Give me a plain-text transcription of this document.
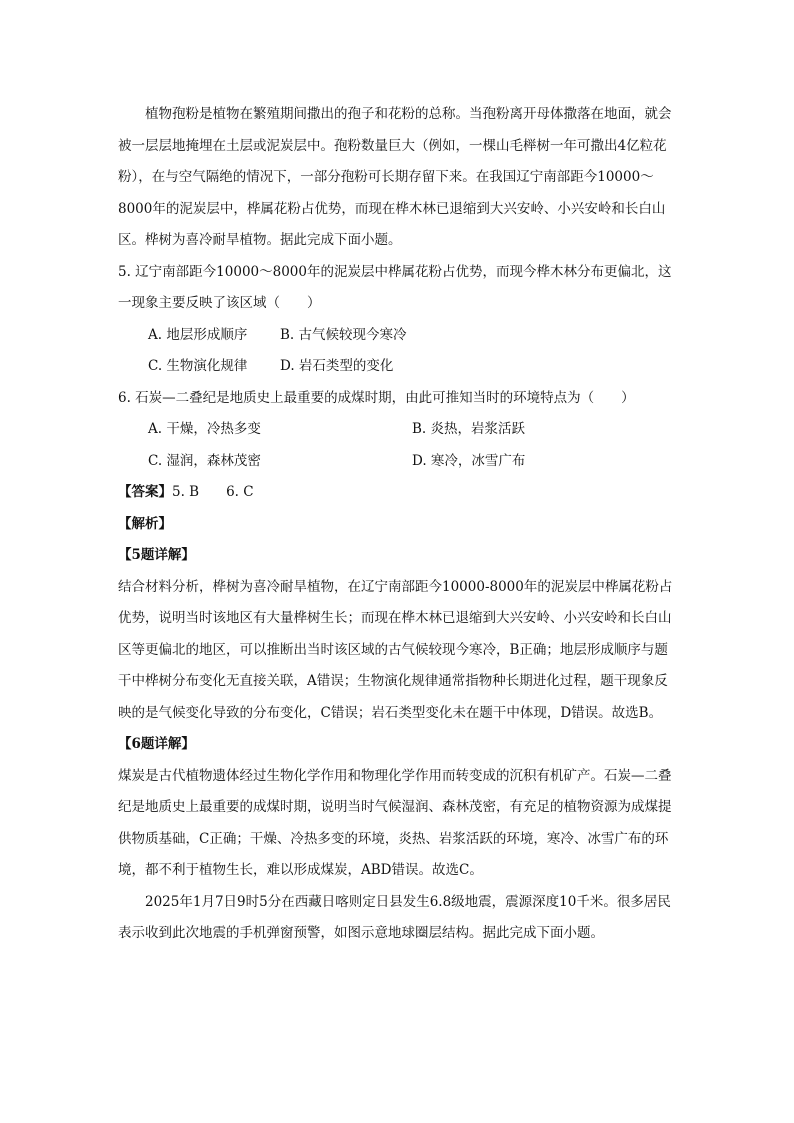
植物孢粉是植物在繁殖期间撒出的孢子和花粉的总称。当孢粉离开母体撒落在地面，就会被一层层地掩埋在土层或泥炭层中。孢粉数量巨大（例如，一棵山毛榉树一年可撒出4亿粒花粉），在与空气隔绝的情况下，一部分孢粉可长期存留下来。在我国辽宁南部距今10000～8000年的泥炭层中，桦属花粉占优势，而现在桦木林已退缩到大兴安岭、小兴安岭和长白山区。桦树为喜冷耐旱植物。据此完成下面小题。

5. 辽宁南部距今10000～8000年的泥炭层中桦属花粉占优势，而现今桦木林分布更偏北，这一现象主要反映了该区域（　　）

A. 地层形成顺序	B. 古气候较现今寒冷
C. 生物演化规律	D. 岩石类型的变化

6. 石炭—二叠纪是地质史上最重要的成煤时期，由此可推知当时的环境特点为（　　）

A. 干燥，冷热多变	B. 炎热，岩浆活跃
C. 湿润，森林茂密	D. 寒冷，冰雪广布

【答案】5. B　　6. C

【解析】

【5题详解】

结合材料分析，桦树为喜冷耐旱植物，在辽宁南部距今10000-8000年的泥炭层中桦属花粉占优势，说明当时该地区有大量桦树生长；而现在桦木林已退缩到大兴安岭、小兴安岭和长白山区等更偏北的地区，可以推断出当时该区域的古气候较现今寒冷，B正确；地层形成顺序与题干中桦树分布变化无直接关联，A错误；生物演化规律通常指物种长期进化过程，题干现象反映的是气候变化导致的分布变化，C错误；岩石类型变化未在题干中体现，D错误。故选B。

【6题详解】

煤炭是古代植物遗体经过生物化学作用和物理化学作用而转变成的沉积有机矿产。石炭—二叠纪是地质史上最重要的成煤时期，说明当时气候湿润、森林茂密，有充足的植物资源为成煤提供物质基础，C正确；干燥、冷热多变的环境，炎热、岩浆活跃的环境，寒冷、冰雪广布的环境，都不利于植物生长，难以形成煤炭，ABD错误。故选C。

2025年1月7日9时5分在西藏日喀则定日县发生6.8级地震，震源深度10千米。很多居民表示收到此次地震的手机弹窗预警，如图示意地球圈层结构。据此完成下面小题。
